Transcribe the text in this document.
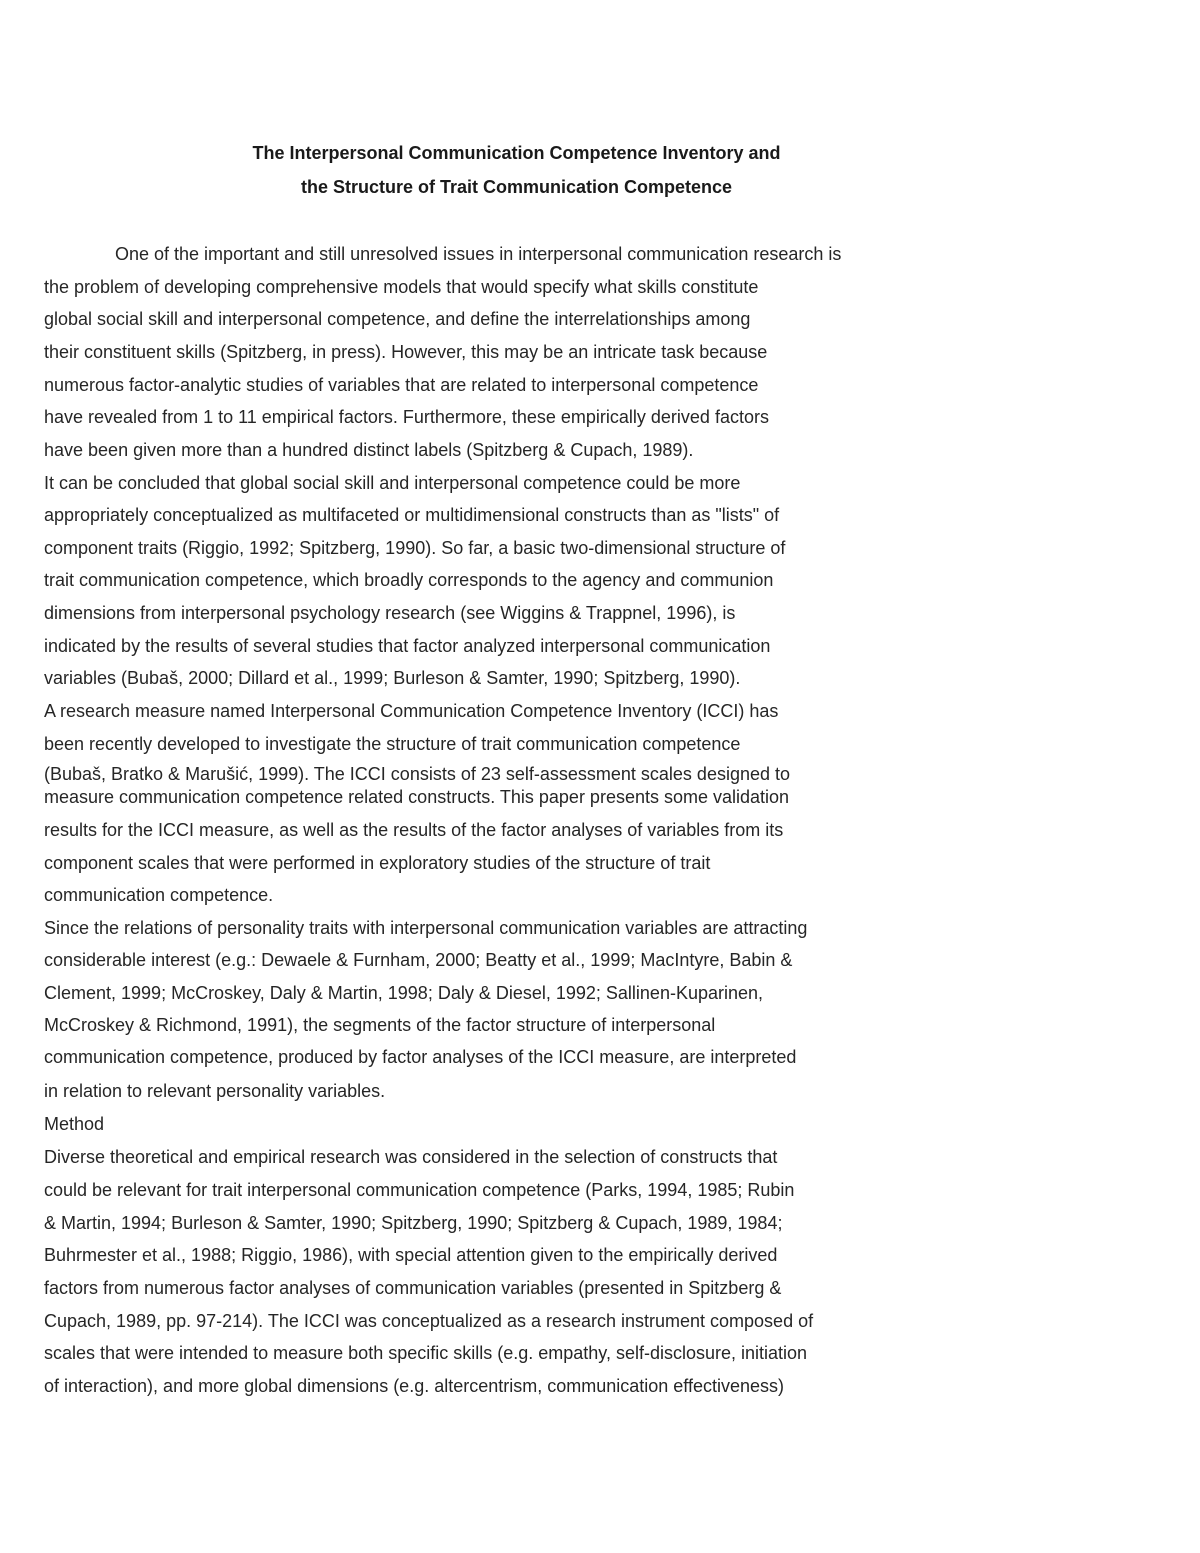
The Interpersonal Communication Competence Inventory and
the Structure of Trait Communication Competence
One of the important and still unresolved issues in interpersonal communication research is
the problem of developing comprehensive models that would specify what skills constitute
global social skill and interpersonal competence, and define the interrelationships among
their constituent skills (Spitzberg, in press). However, this may be an intricate task because
numerous factor-analytic studies of variables that are related to interpersonal competence
have revealed from 1 to 11 empirical factors. Furthermore, these empirically derived factors
have been given more than a hundred distinct labels (Spitzberg & Cupach, 1989).
It can be concluded that global social skill and interpersonal competence could be more
appropriately conceptualized as multifaceted or multidimensional constructs than as "lists" of
component traits (Riggio, 1992; Spitzberg, 1990). So far, a basic two-dimensional structure of
trait communication competence, which broadly corresponds to the agency and communion
dimensions from interpersonal psychology research (see Wiggins & Trappnel, 1996), is
indicated by the results of several studies that factor analyzed interpersonal communication
variables (Bubaš, 2000; Dillard et al., 1999; Burleson & Samter, 1990; Spitzberg, 1990).
A research measure named Interpersonal Communication Competence Inventory (ICCI) has
been recently developed to investigate the structure of trait communication competence
(Bubaš, Bratko & Marušić, 1999). The ICCI consists of 23 self-assessment scales designed to
measure communication competence related constructs. This paper presents some validation
results for the ICCI measure, as well as the results of the factor analyses of variables from its
component scales that were performed in exploratory studies of the structure of trait
communication competence.
Since the relations of personality traits with interpersonal communication variables are attracting
considerable interest (e.g.: Dewaele & Furnham, 2000; Beatty et al., 1999; MacIntyre, Babin &
Clement, 1999; McCroskey, Daly & Martin, 1998; Daly & Diesel, 1992; Sallinen-Kuparinen,
McCroskey & Richmond, 1991), the segments of the factor structure of interpersonal
communication competence, produced by factor analyses of the ICCI measure, are interpreted
in relation to relevant personality variables.
Method
Diverse theoretical and empirical research was considered in the selection of constructs that
could be relevant for trait interpersonal communication competence (Parks, 1994, 1985; Rubin
& Martin, 1994; Burleson & Samter, 1990; Spitzberg, 1990; Spitzberg & Cupach, 1989, 1984;
Buhrmester et al., 1988; Riggio, 1986), with special attention given to the empirically derived
factors from numerous factor analyses of communication variables (presented in Spitzberg &
Cupach, 1989, pp. 97-214). The ICCI was conceptualized as a research instrument composed of
scales that were intended to measure both specific skills (e.g. empathy, self-disclosure, initiation
of interaction), and more global dimensions (e.g. altercentrism, communication effectiveness)
